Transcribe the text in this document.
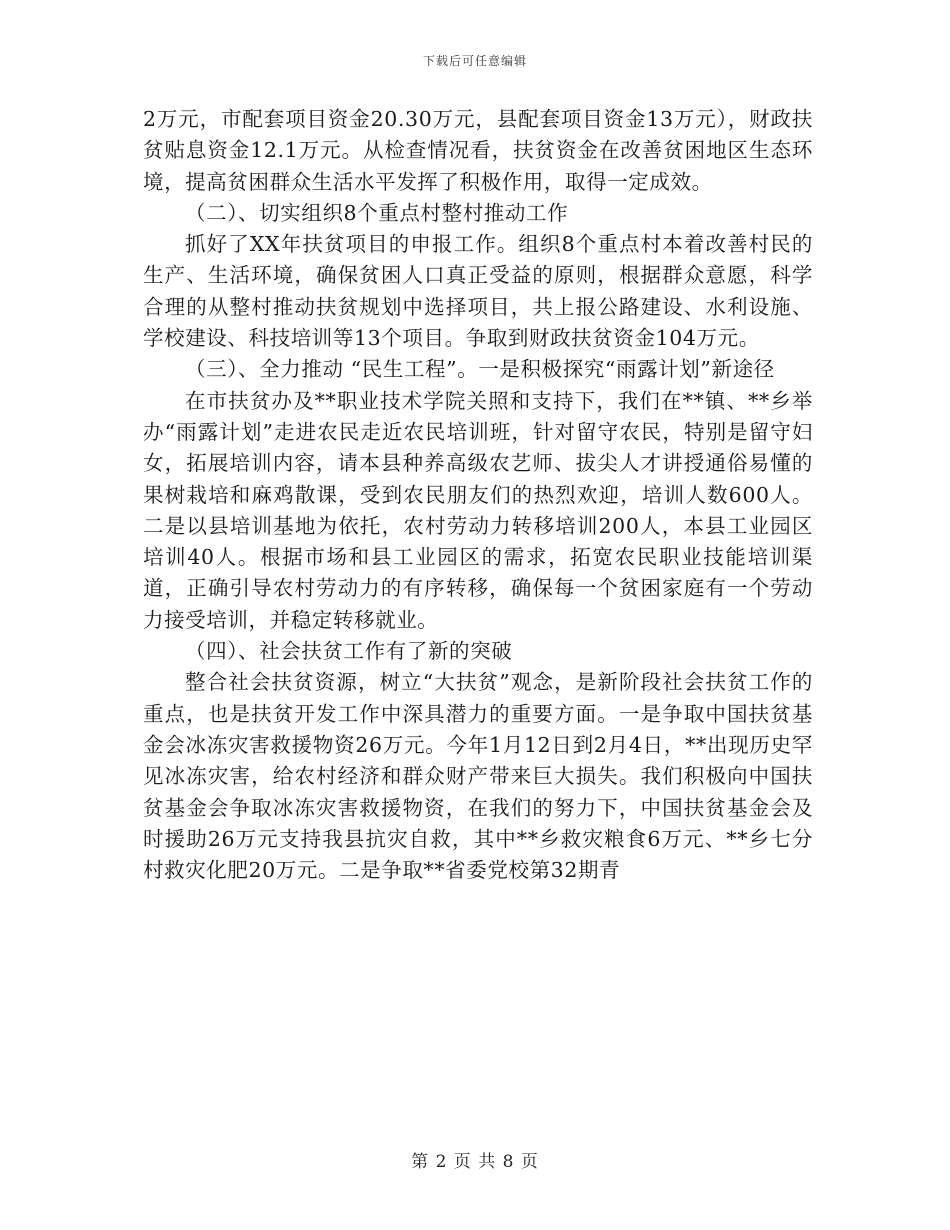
下载后可任意编辑

2万元，市配套项目资金20.30万元，县配套项目资金13万元），财政扶贫贴息资金12.1万元。从检查情况看，扶贫资金在改善贫困地区生态环境，提高贫困群众生活水平发挥了积极作用，取得一定成效。

（二）、切实组织8个重点村整村推动工作

抓好了XX年扶贫项目的申报工作。组织8个重点村本着改善村民的生产、生活环境，确保贫困人口真正受益的原则，根据群众意愿，科学合理的从整村推动扶贫规划中选择项目，共上报公路建设、水利设施、学校建设、科技培训等13个项目。争取到财政扶贫资金104万元。

（三）、全力推动 “民生工程”。一是积极探究“雨露计划”新途径

在市扶贫办及**职业技术学院关照和支持下，我们在**镇、**乡举办“雨露计划”走进农民走近农民培训班，针对留守农民，特别是留守妇女，拓展培训内容，请本县种养高级农艺师、拔尖人才讲授通俗易懂的果树栽培和麻鸡散课，受到农民朋友们的热烈欢迎，培训人数600人。二是以县培训基地为依托，农村劳动力转移培训200人，本县工业园区培训40人。根据市场和县工业园区的需求，拓宽农民职业技能培训渠道，正确引导农村劳动力的有序转移，确保每一个贫困家庭有一个劳动力接受培训，并稳定转移就业。

（四）、社会扶贫工作有了新的突破

整合社会扶贫资源，树立“大扶贫”观念，是新阶段社会扶贫工作的重点，也是扶贫开发工作中深具潜力的重要方面。一是争取中国扶贫基金会冰冻灾害救援物资26万元。今年1月12日到2月4日，**出现历史罕见冰冻灾害，给农村经济和群众财产带来巨大损失。我们积极向中国扶贫基金会争取冰冻灾害救援物资，在我们的努力下，中国扶贫基金会及时援助26万元支持我县抗灾自救，其中**乡救灾粮食6万元、**乡七分村救灾化肥20万元。二是争取**省委党校第32期青

第 2 页 共 8 页
